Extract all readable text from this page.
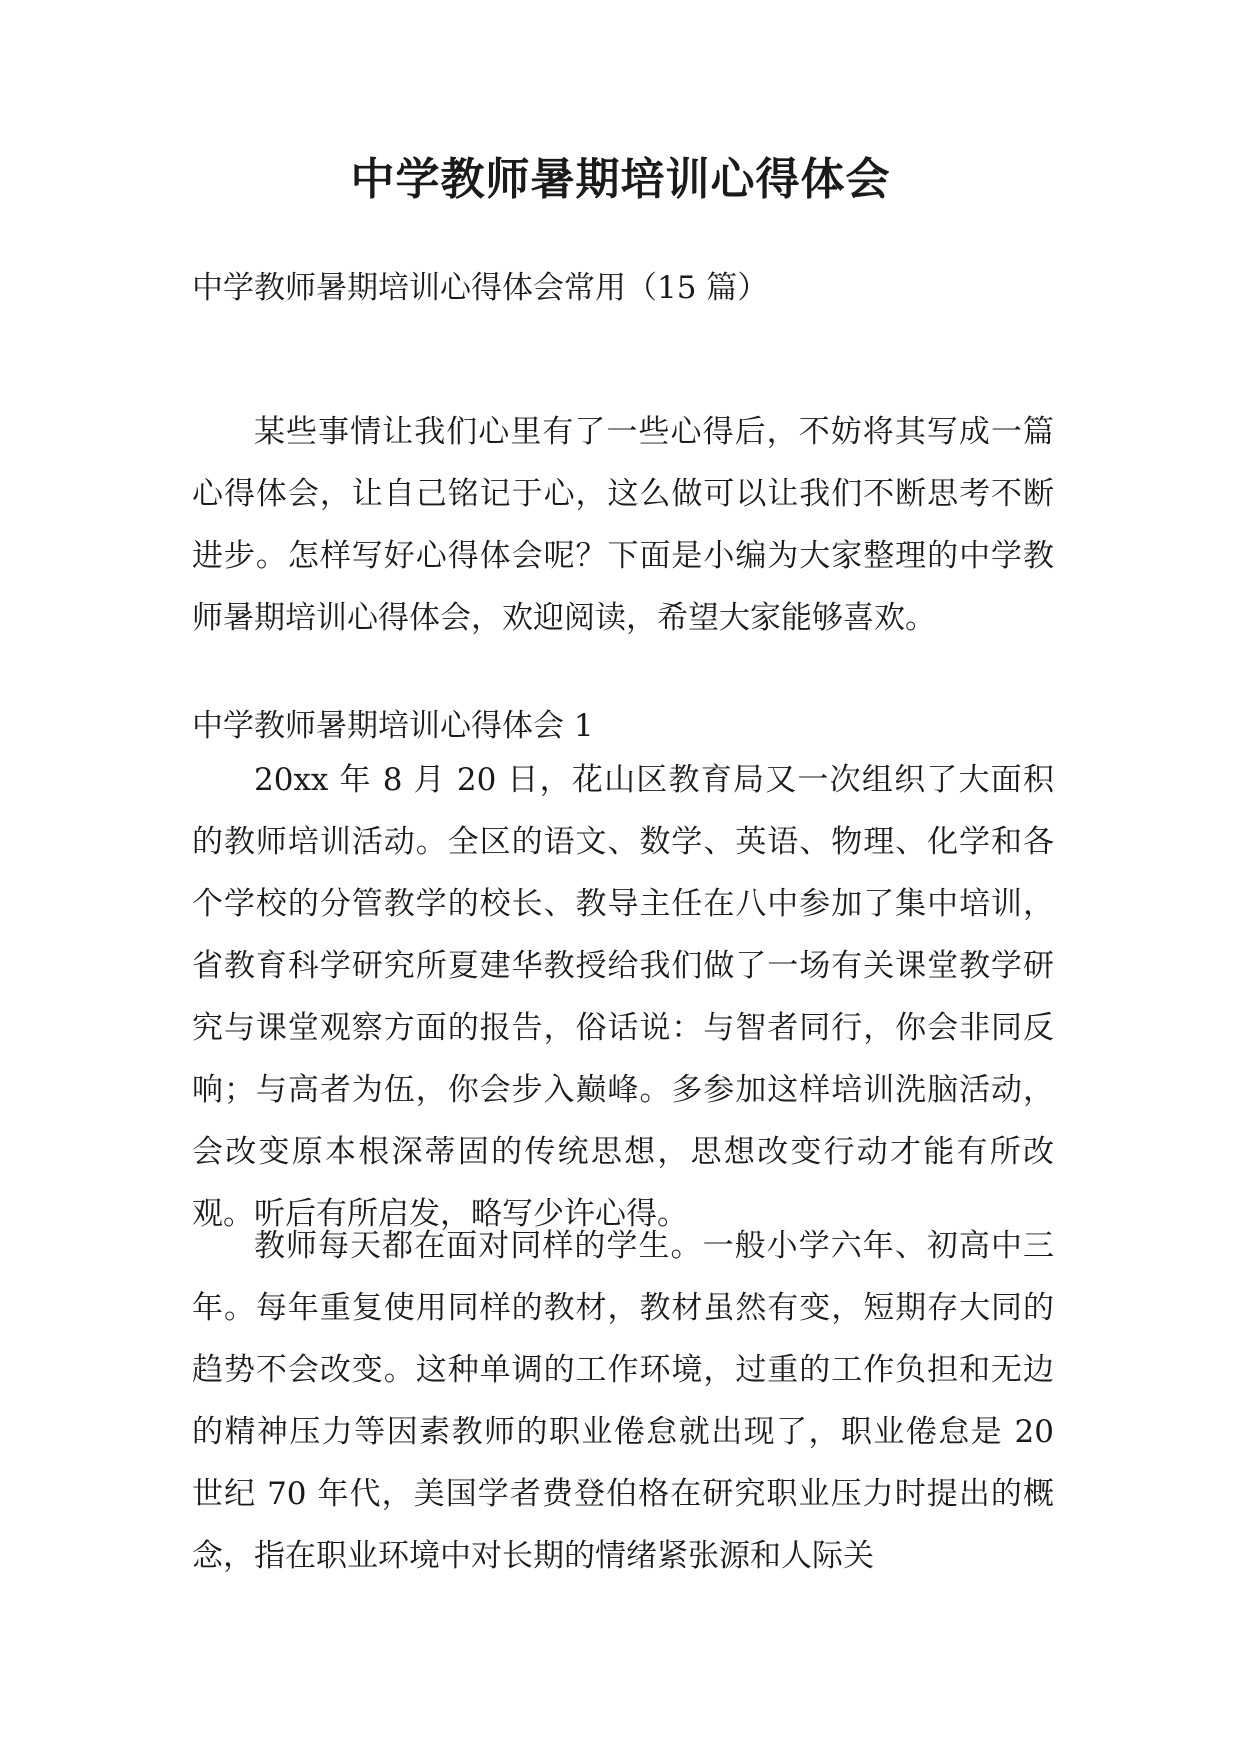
中学教师暑期培训心得体会

中学教师暑期培训心得体会常用（15 篇）

某些事情让我们心里有了一些心得后，不妨将其写成一篇心得体会，让自己铭记于心，这么做可以让我们不断思考不断进步。怎样写好心得体会呢？下面是小编为大家整理的中学教师暑期培训心得体会，欢迎阅读，希望大家能够喜欢。

中学教师暑期培训心得体会 1

20xx 年 8 月 20 日，花山区教育局又一次组织了大面积的教师培训活动。全区的语文、数学、英语、物理、化学和各个学校的分管教学的校长、教导主任在八中参加了集中培训，省教育科学研究所夏建华教授给我们做了一场有关课堂教学研究与课堂观察方面的报告，俗话说：与智者同行，你会非同反响；与高者为伍，你会步入巅峰。多参加这样培训洗脑活动，会改变原本根深蒂固的传统思想，思想改变行动才能有所改观。听后有所启发，略写少许心得。

教师每天都在面对同样的学生。一般小学六年、初高中三年。每年重复使用同样的教材，教材虽然有变，短期存大同的趋势不会改变。这种单调的工作环境，过重的工作负担和无边的精神压力等因素教师的职业倦怠就出现了，职业倦怠是 20 世纪 70 年代，美国学者费登伯格在研究职业压力时提出的概念，指在职业环境中对长期的情绪紧张源和人际关
